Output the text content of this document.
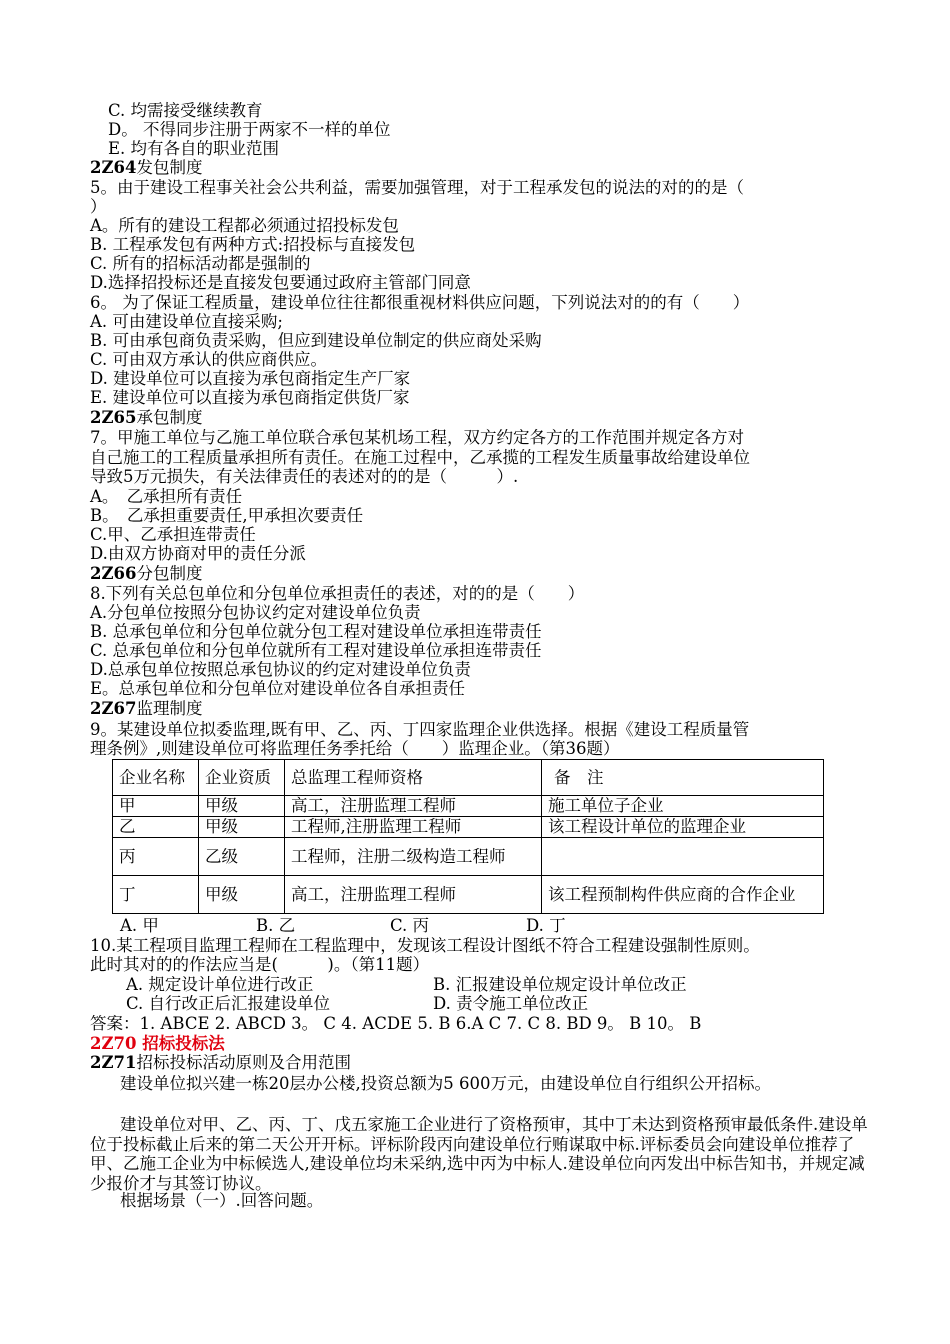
C. 均需接受继续教育
D。 不得同步注册于两家不一样的单位
E. 均有各自的职业范围
2Z64发包制度
5。由于建设工程事关社会公共利益，需要加强管理，对于工程承发包的说法的对的的是（
）
A。所有的建设工程都必须通过招投标发包
B. 工程承发包有两种方式:招投标与直接发包
C. 所有的招标活动都是强制的
D.选择招投标还是直接发包要通过政府主管部门同意
6。 为了保证工程质量，建设单位往往都很重视材料供应问题，下列说法对的的有（　　）
A. 可由建设单位直接采购;
B. 可由承包商负责采购，但应到建设单位制定的供应商处采购
C. 可由双方承认的供应商供应。
D. 建设单位可以直接为承包商指定生产厂家
E. 建设单位可以直接为承包商指定供货厂家
2Z65承包制度
7。甲施工单位与乙施工单位联合承包某机场工程，双方约定各方的工作范围并规定各方对
自己施工的工程质量承担所有责任。在施工过程中，乙承揽的工程发生质量事故给建设单位
导致5万元损失，有关法律责任的表述对的的是（　　　）.
A。　乙承担所有责任
B。　乙承担重要责任,甲承担次要责任
C.甲、乙承担连带责任
D.由双方协商对甲的责任分派
2Z66分包制度
8.下列有关总包单位和分包单位承担责任的表述，对的的是（　　）
A.分包单位按照分包协议约定对建设单位负责
B. 总承包单位和分包单位就分包工程对建设单位承担连带责任
C. 总承包单位和分包单位就所有工程对建设单位承担连带责任
D.总承包单位按照总承包协议的约定对建设单位负责
E。总承包单位和分包单位对建设单位各自承担责任
2Z67监理制度
9。某建设单位拟委监理,既有甲、乙、丙、丁四家监理企业供选择。根据《建设工程质量管
理条例》,则建设单位可将监理任务季托给（　　）监理企业。（第36题）
企业名称	企业资质	总监理工程师资格	备　注
甲	甲级	高工，注册监理工程师	施工单位子企业
乙	甲级	工程师,注册监理工程师	该工程设计单位的监理企业
丙	乙级	工程师，注册二级构造工程师	
丁	甲级	高工，注册监理工程师	该工程预制构件供应商的合作企业
A. 甲	B. 乙	C. 丙	D. 丁
10.某工程项目监理工程师在工程监理中，发现该工程设计图纸不符合工程建设强制性原则。
此时其对的的作法应当是(　　　)。（第11题）
A. 规定设计单位进行改正	B. 汇报建设单位规定设计单位改正
C. 自行改正后汇报建设单位	D. 责令施工单位改正
答案：1. ABCE 2. ABCD 3。 C 4. ACDE 5. B 6.A C 7. C 8. BD 9。 B 10。 B
2Z70 招标投标法
2Z71招标投标活动原则及合用范围
建设单位拟兴建一栋20层办公楼,投资总额为5 600万元，由建设单位自行组织公开招标。
建设单位对甲、乙、丙、丁、戊五家施工企业进行了资格预审，其中丁未达到资格预审最低条件.建设单位于投标截止后来的第二天公开开标。评标阶段丙向建设单位行贿谋取中标.评标委员会向建设单位推荐了甲、乙施工企业为中标候选人,建设单位均未采纳,选中丙为中标人.建设单位向丙发出中标告知书，并规定减少报价才与其签订协议。
根据场景（一）.回答问题。
